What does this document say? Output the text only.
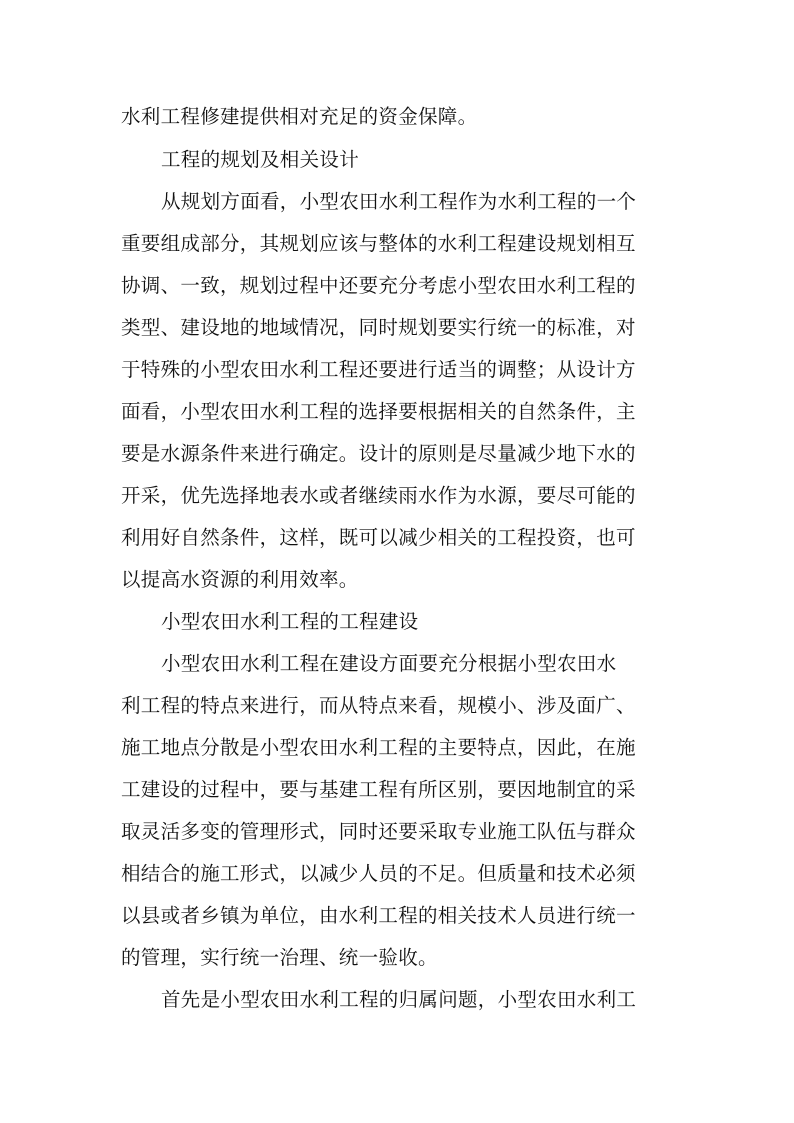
水利工程修建提供相对充足的资金保障。
工程的规划及相关设计
从规划方面看，小型农田水利工程作为水利工程的一个
重要组成部分，其规划应该与整体的水利工程建设规划相互
协调、一致，规划过程中还要充分考虑小型农田水利工程的
类型、建设地的地域情况，同时规划要实行统一的标准，对
于特殊的小型农田水利工程还要进行适当的调整；从设计方
面看，小型农田水利工程的选择要根据相关的自然条件，主
要是水源条件来进行确定。设计的原则是尽量减少地下水的
开采，优先选择地表水或者继续雨水作为水源，要尽可能的
利用好自然条件，这样，既可以减少相关的工程投资，也可
以提高水资源的利用效率。
小型农田水利工程的工程建设
小型农田水利工程在建设方面要充分根据小型农田水
利工程的特点来进行，而从特点来看，规模小、涉及面广、
施工地点分散是小型农田水利工程的主要特点，因此，在施
工建设的过程中，要与基建工程有所区别，要因地制宜的采
取灵活多变的管理形式，同时还要采取专业施工队伍与群众
相结合的施工形式，以减少人员的不足。但质量和技术必须
以县或者乡镇为单位，由水利工程的相关技术人员进行统一
的管理，实行统一治理、统一验收。
首先是小型农田水利工程的归属问题，小型农田水利工
